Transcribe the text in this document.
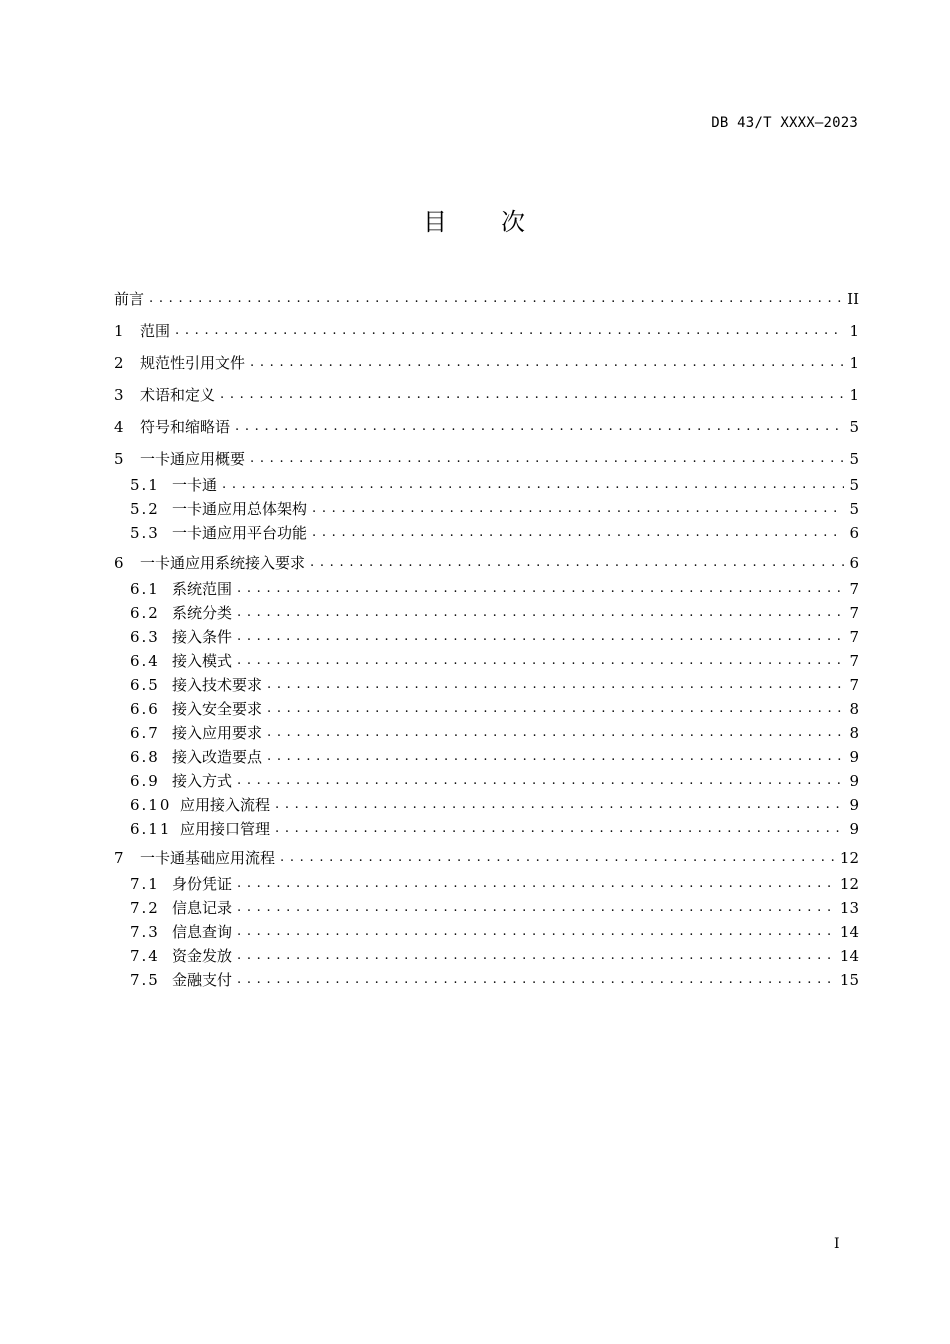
DB 43/T XXXX—2023
目 次
前言 .....	II
1	范围 .....	1
2	规范性引用文件 .....	1
3	术语和定义 .....	1
4	符号和缩略语 .....	5
5	一卡通应用概要 .....	5
5.1 一卡通 .....	5
5.2 一卡通应用总体架构 .....	5
5.3 一卡通应用平台功能 .....	6
6	一卡通应用系统接入要求 .....	6
6.1 系统范围 .....	7
6.2 系统分类 .....	7
6.3 接入条件 .....	7
6.4 接入模式 .....	7
6.5 接入技术要求 .....	7
6.6 接入安全要求 .....	8
6.7 接入应用要求 .....	8
6.8 接入改造要点 .....	9
6.9 接入方式 .....	9
6.10 应用接入流程 .....	9
6.11 应用接口管理 .....	9
7	一卡通基础应用流程 .....	12
7.1 身份凭证 .....	12
7.2 信息记录 .....	13
7.3 信息查询 .....	14
7.4 资金发放 .....	14
7.5 金融支付 .....	15
I
